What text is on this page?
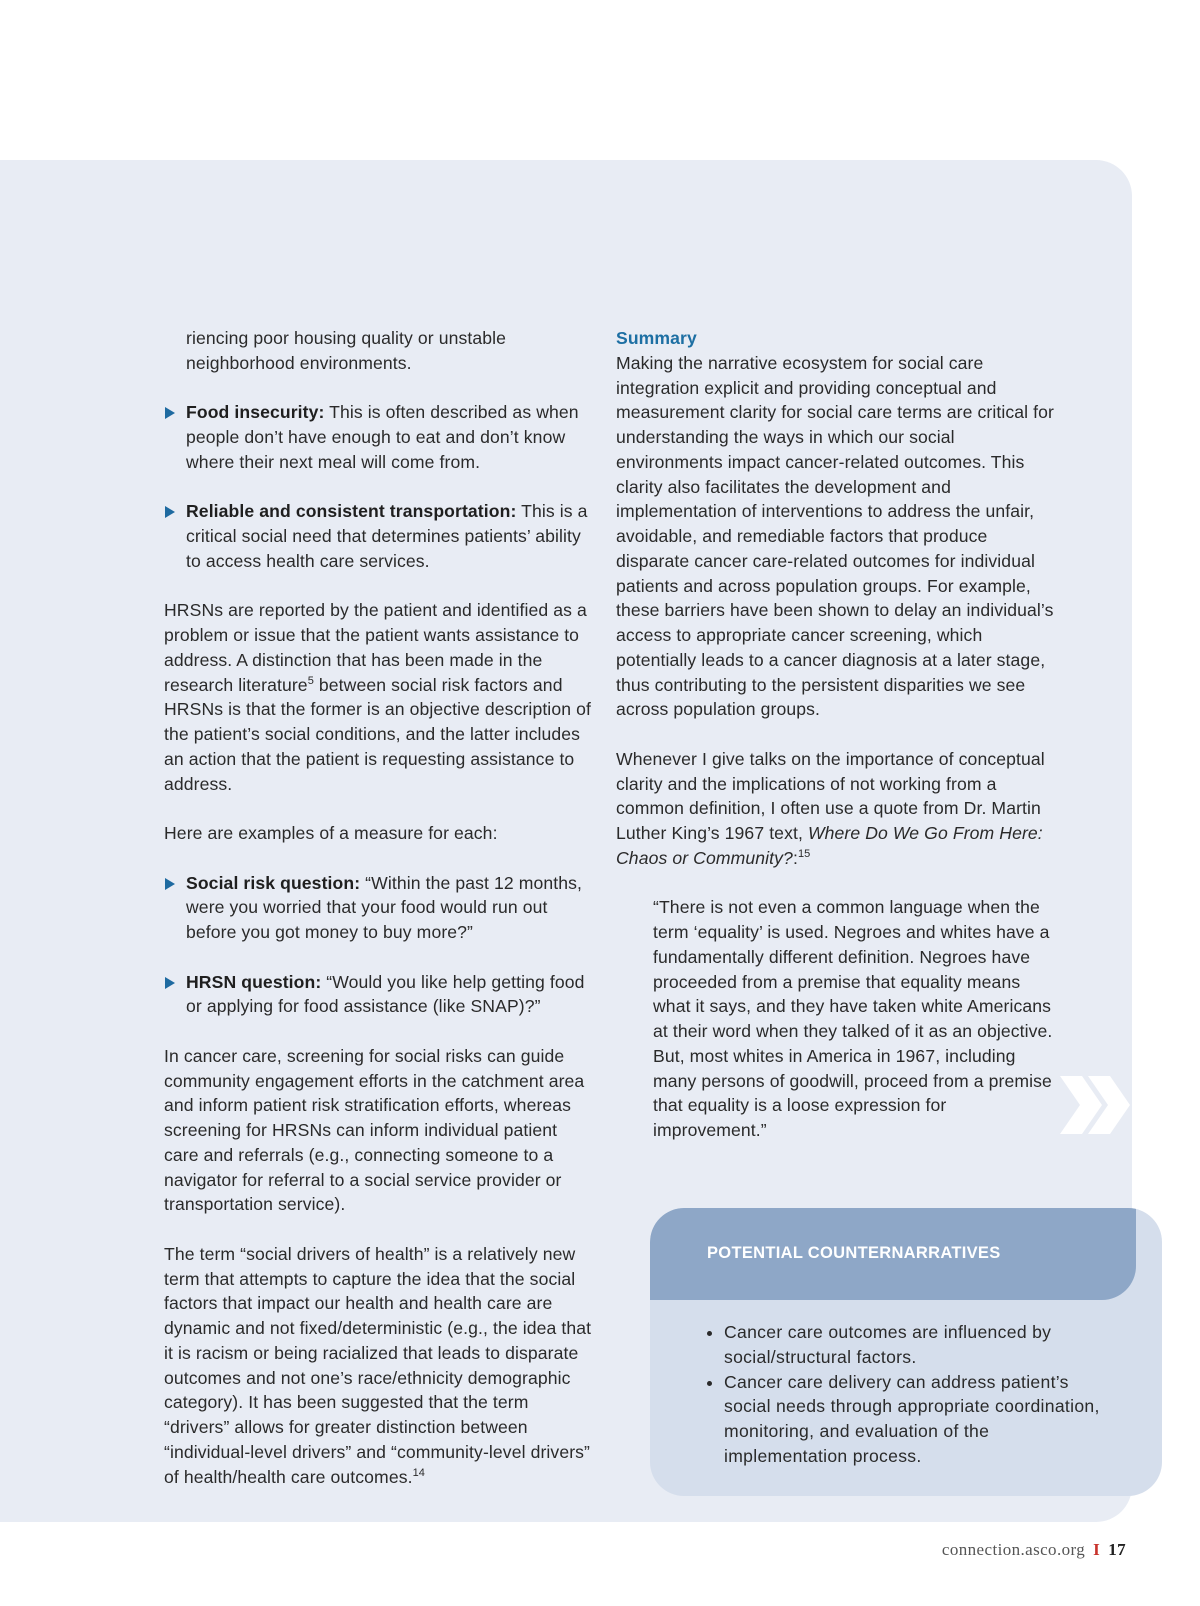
riencing poor housing quality or unstable neighborhood environments.

Food insecurity: This is often described as when people don’t have enough to eat and don’t know where their next meal will come from.
Reliable and consistent transportation: This is a critical social need that determines patients’ ability to access health care services.

HRSNs are reported by the patient and identified as a problem or issue that the patient wants assistance to address. A distinction that has been made in the research literature$^5$ between social risk factors and HRSNs is that the former is an objective description of the patient’s social conditions, and the latter includes an action that the patient is requesting assistance to address.

Here are examples of a measure for each:

Social risk question: “Within the past 12 months, were you worried that your food would run out before you got money to buy more?”
HRSN question: “Would you like help getting food or applying for food assistance (like SNAP)?”

In cancer care, screening for social risks can guide community engagement efforts in the catchment area and inform patient risk stratification efforts, whereas screening for HRSNs can inform individual patient care and referrals (e.g., connecting someone to a navigator for referral to a social service provider or transportation service).

The term “social drivers of health” is a relatively new term that attempts to capture the idea that the social factors that impact our health and health care are dynamic and not fixed/deterministic (e.g., the idea that it is racism or being racialized that leads to disparate outcomes and not one’s race/ethnicity demographic category). It has been suggested that the term “drivers” allows for greater distinction between “individual-level drivers” and “community-level drivers” of health/health care outcomes.$^{14}$

Summary

Making the narrative ecosystem for social care integration explicit and providing conceptual and measurement clarity for social care terms are critical for understanding the ways in which our social environments impact cancer-related outcomes. This clarity also facilitates the development and implementation of interventions to address the unfair, avoidable, and remediable factors that produce disparate cancer care-related outcomes for individual patients and across population groups. For example, these barriers have been shown to delay an individual’s access to appropriate cancer screening, which potentially leads to a cancer diagnosis at a later stage, thus contributing to the persistent disparities we see across population groups.

Whenever I give talks on the importance of conceptual clarity and the implications of not working from a common definition, I often use a quote from Dr. Martin Luther King’s 1967 text, Where Do We Go From Here: Chaos or Community?:$^{15}$

“There is not even a common language when the term ‘equality’ is used. Negroes and whites have a fundamentally different definition. Negroes have proceeded from a premise that equality means what it says, and they have taken white Americans at their word when they talked of it as an objective. But, most whites in America in 1967, including many persons of goodwill, proceed from a premise that equality is a loose expression for improvement.”

POTENTIAL COUNTERNARRATIVES
• Cancer care outcomes are influenced by social/structural factors.
• Cancer care delivery can address patient’s social needs through appropriate coordination, monitoring, and evaluation of the implementation process.
connection.asco.org I 17
